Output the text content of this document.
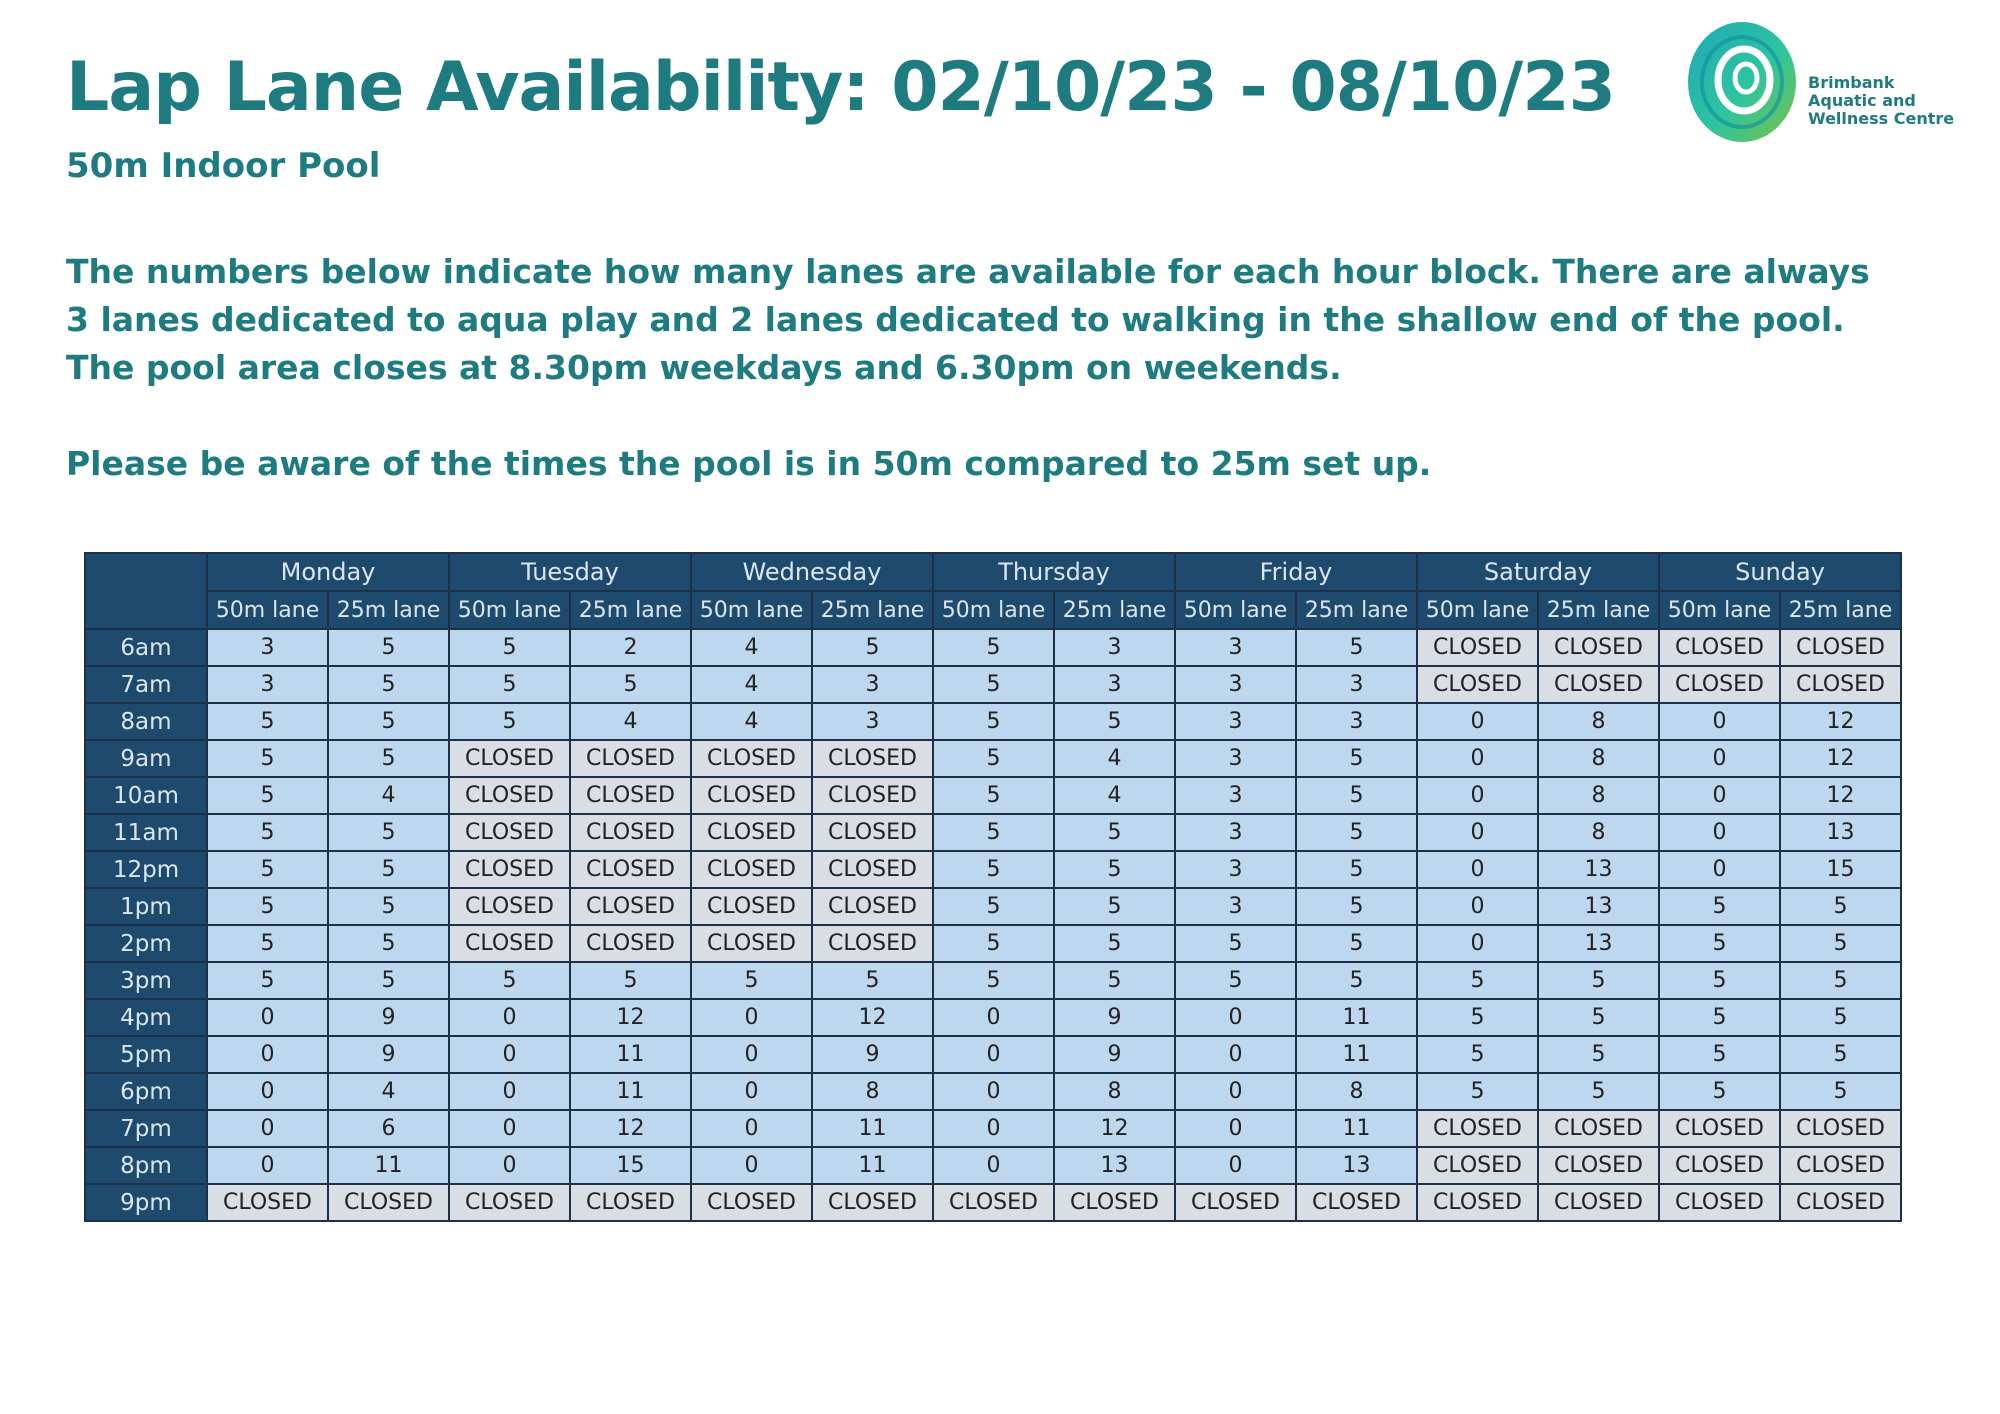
Lap Lane Availability: 02/10/23 - 08/10/23
50m Indoor Pool
Brimbank
Aquatic and
Wellness Centre

The numbers below indicate how many lanes are available for each hour block. There are always

3 lanes dedicated to aqua play and 2 lanes dedicated to walking in the shallow end of the pool.

The pool area closes at 8.30pm weekdays and 6.30pm on weekends.

Please be aware of the times the pool is in 50m compared to 25m set up.

	Monday		Tuesday		Wednesday		Thursday		Friday		Saturday		Sunday	
	50m lane	25m lane	50m lane	25m lane	50m lane	25m lane	50m lane	25m lane	50m lane	25m lane	50m lane	25m lane	50m lane	25m lane
6am	3	5	5	2	4	5	5	3	3	5	CLOSED	CLOSED	CLOSED	CLOSED
7am	3	5	5	5	4	3	5	3	3	3	CLOSED	CLOSED	CLOSED	CLOSED
8am	5	5	5	4	4	3	5	5	3	3	0	8	0	12
9am	5	5	CLOSED	CLOSED	CLOSED	CLOSED	5	4	3	5	0	8	0	12
10am	5	4	CLOSED	CLOSED	CLOSED	CLOSED	5	4	3	5	0	8	0	12
11am	5	5	CLOSED	CLOSED	CLOSED	CLOSED	5	5	3	5	0	8	0	13
12pm	5	5	CLOSED	CLOSED	CLOSED	CLOSED	5	5	3	5	0	13	0	15
1pm	5	5	CLOSED	CLOSED	CLOSED	CLOSED	5	5	3	5	0	13	5	5
2pm	5	5	CLOSED	CLOSED	CLOSED	CLOSED	5	5	5	5	0	13	5	5
3pm	5	5	5	5	5	5	5	5	5	5	5	5	5	5
4pm	0	9	0	12	0	12	0	9	0	11	5	5	5	5
5pm	0	9	0	11	0	9	0	9	0	11	5	5	5	5
6pm	0	4	0	11	0	8	0	8	0	8	5	5	5	5
7pm	0	6	0	12	0	11	0	12	0	11	CLOSED	CLOSED	CLOSED	CLOSED
8pm	0	11	0	15	0	11	0	13	0	13	CLOSED	CLOSED	CLOSED	CLOSED
9pm	CLOSED	CLOSED	CLOSED	CLOSED	CLOSED	CLOSED	CLOSED	CLOSED	CLOSED	CLOSED	CLOSED	CLOSED	CLOSED	CLOSED
